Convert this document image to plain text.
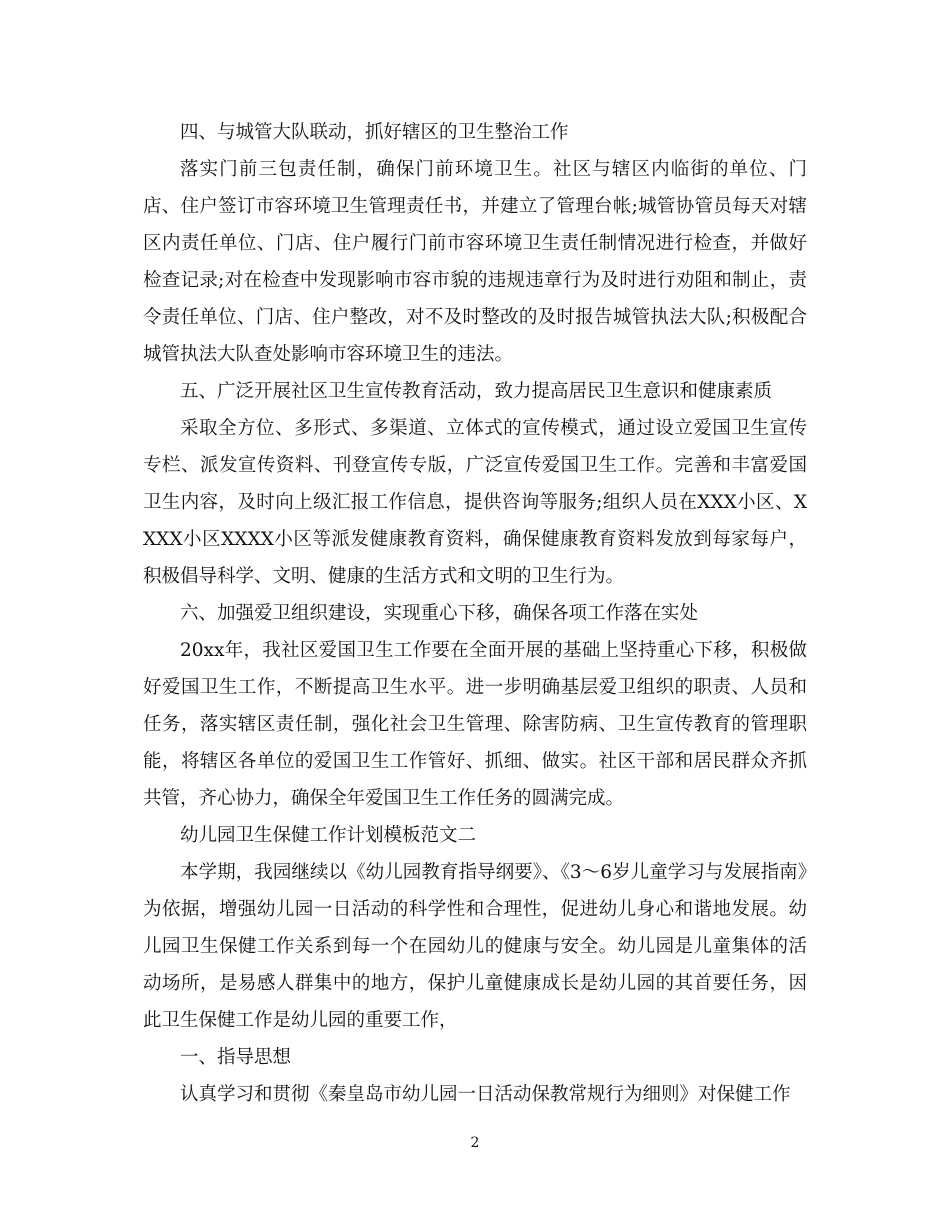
四、与城管大队联动，抓好辖区的卫生整治工作

落实门前三包责任制，确保门前环境卫生。社区与辖区内临街的单位、门店、住户签订市容环境卫生管理责任书，并建立了管理台帐;城管协管员每天对辖区内责任单位、门店、住户履行门前市容环境卫生责任制情况进行检查，并做好检查记录;对在检查中发现影响市容市貌的违规违章行为及时进行劝阻和制止，责令责任单位、门店、住户整改，对不及时整改的及时报告城管执法大队;积极配合城管执法大队查处影响市容环境卫生的违法。

五、广泛开展社区卫生宣传教育活动，致力提高居民卫生意识和健康素质

采取全方位、多形式、多渠道、立体式的宣传模式，通过设立爱国卫生宣传专栏、派发宣传资料、刊登宣传专版，广泛宣传爱国卫生工作。完善和丰富爱国卫生内容，及时向上级汇报工作信息，提供咨询等服务;组织人员在XXX小区、XXXX小区XXXX小区等派发健康教育资料，确保健康教育资料发放到每家每户，积极倡导科学、文明、健康的生活方式和文明的卫生行为。

六、加强爱卫组织建设，实现重心下移，确保各项工作落在实处

20xx年，我社区爱国卫生工作要在全面开展的基础上坚持重心下移，积极做好爱国卫生工作，不断提高卫生水平。进一步明确基层爱卫组织的职责、人员和任务，落实辖区责任制，强化社会卫生管理、除害防病、卫生宣传教育的管理职能，将辖区各单位的爱国卫生工作管好、抓细、做实。社区干部和居民群众齐抓共管，齐心协力，确保全年爱国卫生工作任务的圆满完成。

幼儿园卫生保健工作计划模板范文二

本学期，我园继续以《幼儿园教育指导纲要》、《3～6岁儿童学习与发展指南》为依据，增强幼儿园一日活动的科学性和合理性，促进幼儿身心和谐地发展。幼儿园卫生保健工作关系到每一个在园幼儿的健康与安全。幼儿园是儿童集体的活动场所，是易感人群集中的地方，保护儿童健康成长是幼儿园的其首要任务，因此卫生保健工作是幼儿园的重要工作，

一、指导思想

认真学习和贯彻《秦皇岛市幼儿园一日活动保教常规行为细则》对保健工作

2
